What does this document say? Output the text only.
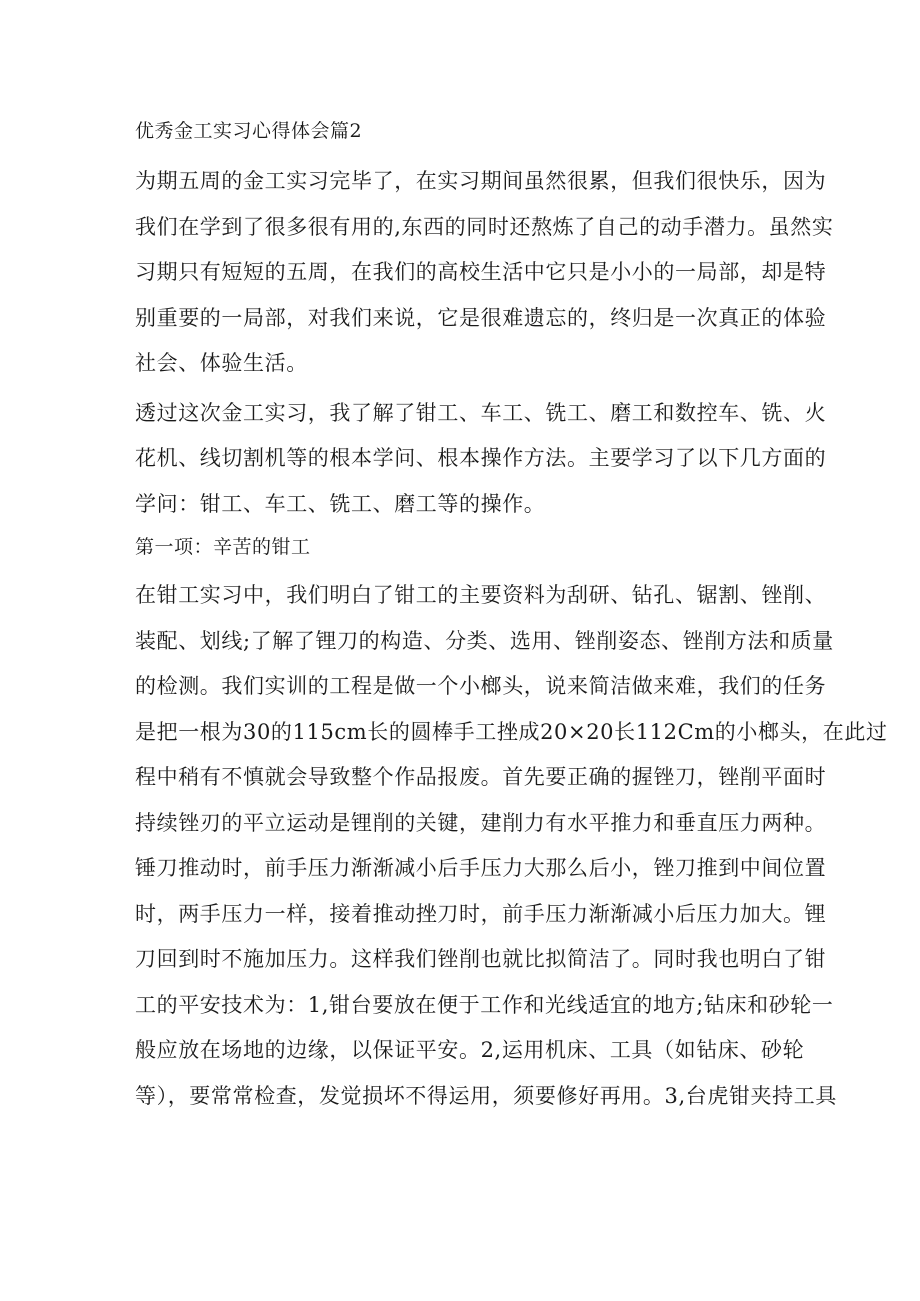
优秀金工实习心得体会篇2
为期五周的金工实习完毕了，在实习期间虽然很累，但我们很快乐，因为
我们在学到了很多很有用的,东西的同时还熬炼了自己的动手潜力。虽然实
习期只有短短的五周，在我们的高校生活中它只是小小的一局部，却是特
别重要的一局部，对我们来说，它是很难遗忘的，终归是一次真正的体验
社会、体验生活。
透过这次金工实习，我了解了钳工、车工、铣工、磨工和数控车、铣、火
花机、线切割机等的根本学问、根本操作方法。主要学习了以下几方面的
学问：钳工、车工、铣工、磨工等的操作。
第一项：辛苦的钳工
在钳工实习中，我们明白了钳工的主要资料为刮研、钻孔、锯割、锉削、
装配、划线;了解了锂刀的构造、分类、选用、锉削姿态、锉削方法和质量
的检测。我们实训的工程是做一个小榔头，说来简洁做来难，我们的任务
是把一根为30的115cm长的圆棒手工挫成20×20长112Cm的小榔头，在此过
程中稍有不慎就会导致整个作品报废。首先要正确的握锉刀，锉削平面时
持续锉刃的平立运动是锂削的关键，建削力有水平推力和垂直压力两种。
锤刀推动时，前手压力渐渐减小后手压力大那么后小，锉刀推到中间位置
时，两手压力一样，接着推动挫刀时，前手压力渐渐减小后压力加大。锂
刀回到时不施加压力。这样我们锉削也就比拟简洁了。同时我也明白了钳
工的平安技术为：1,钳台要放在便于工作和光线适宜的地方;钻床和砂轮一
般应放在场地的边缘，以保证平安。2,运用机床、工具（如钻床、砂轮
等），要常常检查，发觉损坏不得运用，须要修好再用。3,台虎钳夹持工具
